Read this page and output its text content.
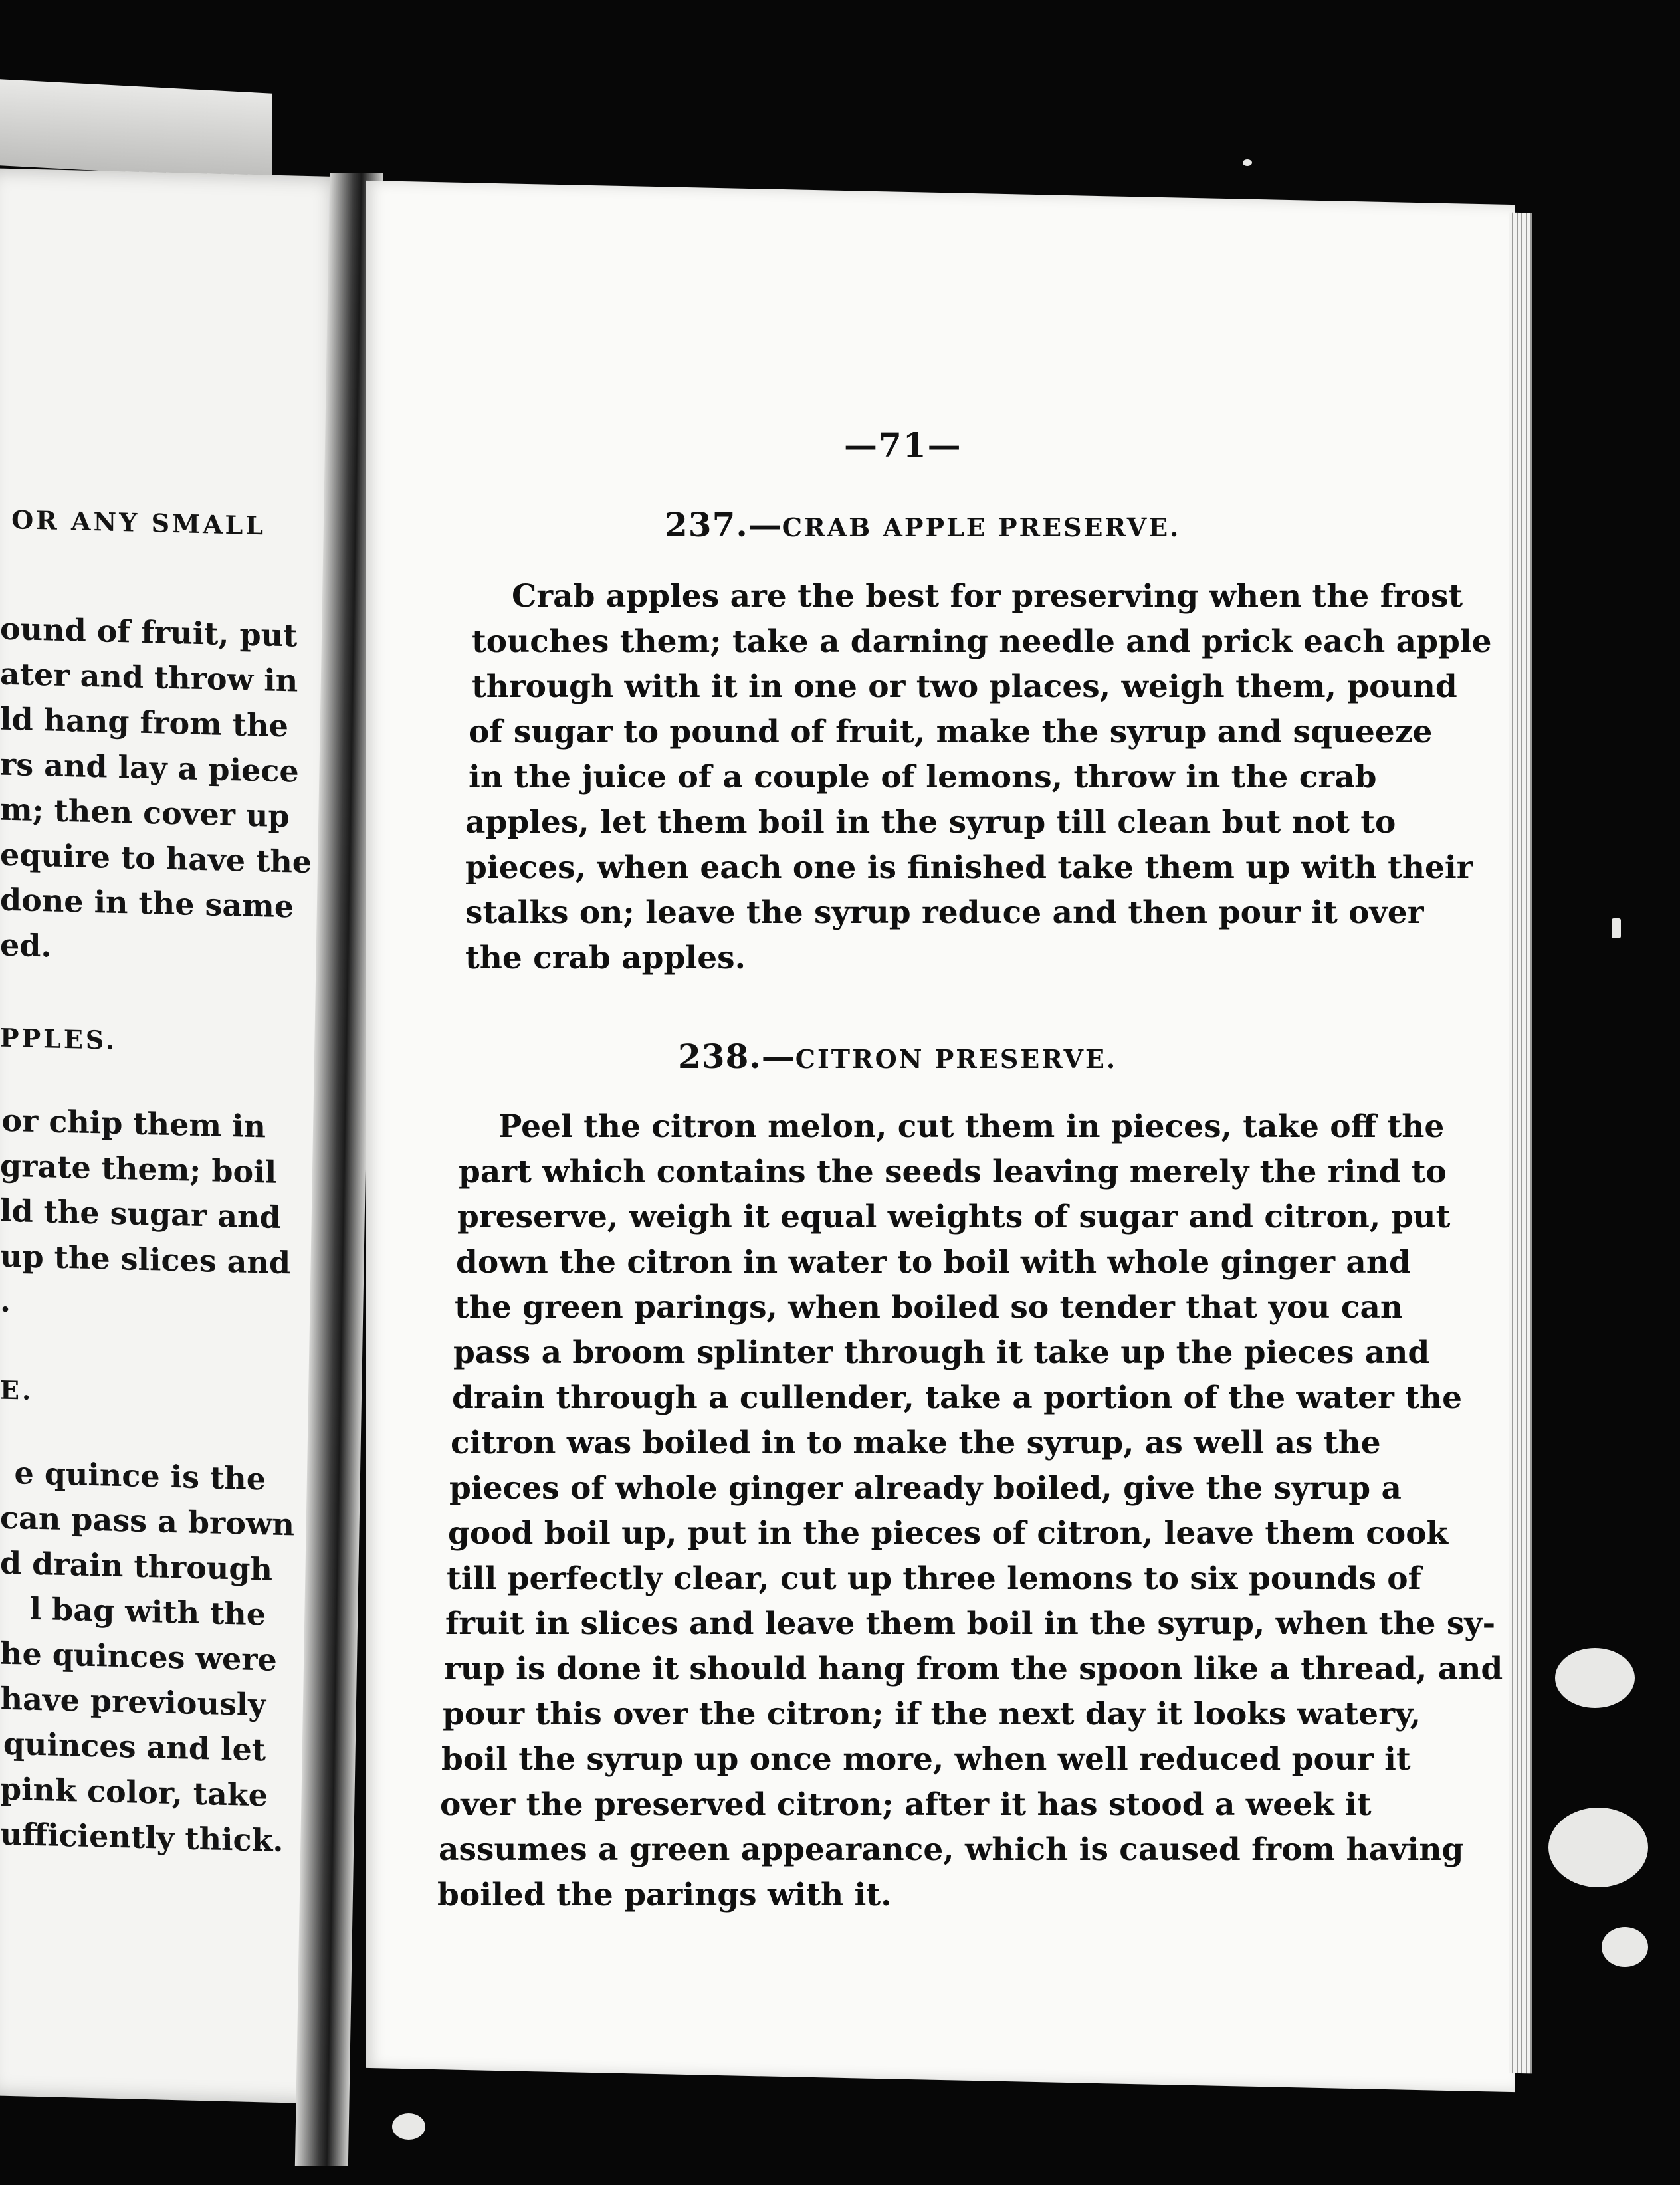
OR ANY SMALL
ound of fruit, put
ater and throw in
ld hang from the
rs and lay a piece
m; then cover up
equire to have the
done in the same
ed.
PPLES.
or chip them in
grate them; boil
ld the sugar and
up the slices and
.
E.
e quince is the
can pass a brown
d drain through
l bag with the
he quinces were
have previously
quinces and let
pink color, take
ufficiently thick.
—71—
237.—CRAB APPLE PRESERVE.
Crab apples are the best for preserving when the frost
touches them; take a darning needle and prick each apple
through with it in one or two places, weigh them, pound
of sugar to pound of fruit, make the syrup and squeeze
in the juice of a couple of lemons, throw in the crab
apples, let them boil in the syrup till clean but not to
pieces, when each one is finished take them up with their
stalks on; leave the syrup reduce and then pour it over
the crab apples.
238.—CITRON PRESERVE.
Peel the citron melon, cut them in pieces, take off the
part which contains the seeds leaving merely the rind to
preserve, weigh it equal weights of sugar and citron, put
down the citron in water to boil with whole ginger and
the green parings, when boiled so tender that you can
pass a broom splinter through it take up the pieces and
drain through a cullender, take a portion of the water the
citron was boiled in to make the syrup, as well as the
pieces of whole ginger already boiled, give the syrup a
good boil up, put in the pieces of citron, leave them cook
till perfectly clear, cut up three lemons to six pounds of
fruit in slices and leave them boil in the syrup, when the sy-
rup is done it should hang from the spoon like a thread, and
pour this over the citron; if the next day it looks watery,
boil the syrup up once more, when well reduced pour it
over the preserved citron; after it has stood a week it
assumes a green appearance, which is caused from having
boiled the parings with it.
